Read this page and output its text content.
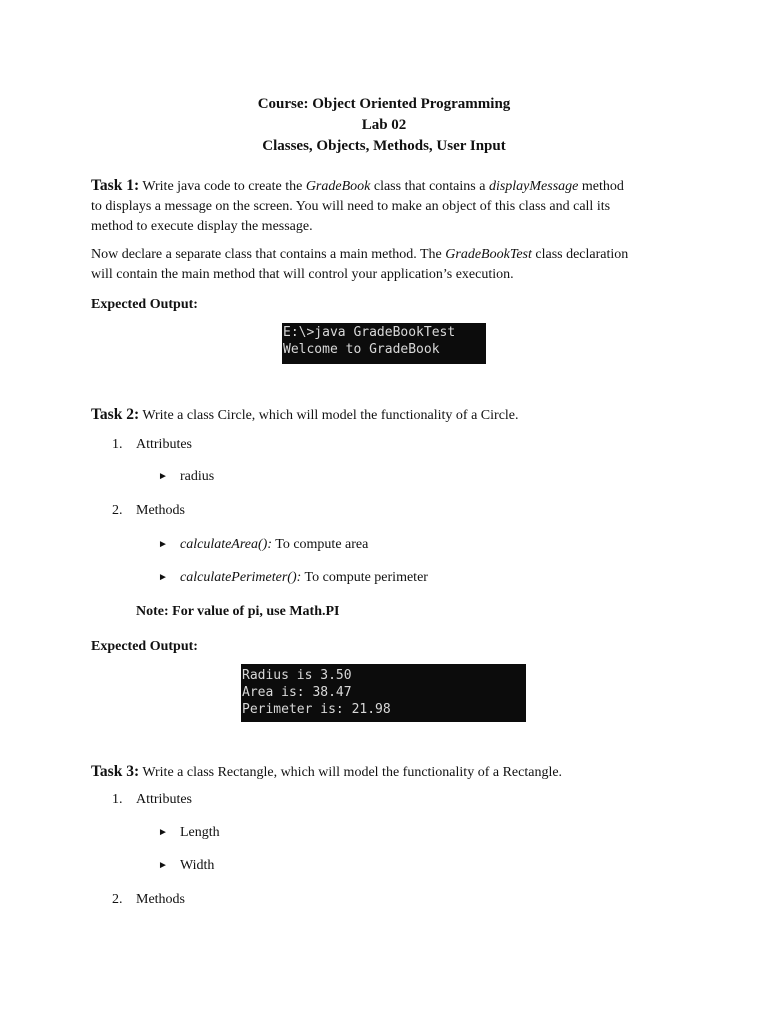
Course: Object Oriented Programming
Lab 02
Classes, Objects, Methods, User Input
Task 1: Write java code to create the GradeBook class that contains a displayMessage method
to displays a message on the screen. You will need to make an object of this class and call its
method to execute display the message.
Now declare a separate class that contains a main method. The GradeBookTest class declaration
will contain the main method that will control your application’s execution.
Expected Output:
E:\>java GradeBookTest
Welcome to GradeBook
Task 2: Write a class Circle, which will model the functionality of a Circle.
1. Attributes
► radius
2. Methods
► calculateArea(): To compute area
► calculatePerimeter(): To compute perimeter
Note: For value of pi, use Math.PI
Expected Output:
Radius is 3.50
Area is: 38.47
Perimeter is: 21.98
Task 3: Write a class Rectangle, which will model the functionality of a Rectangle.
1. Attributes
► Length
► Width
2. Methods
